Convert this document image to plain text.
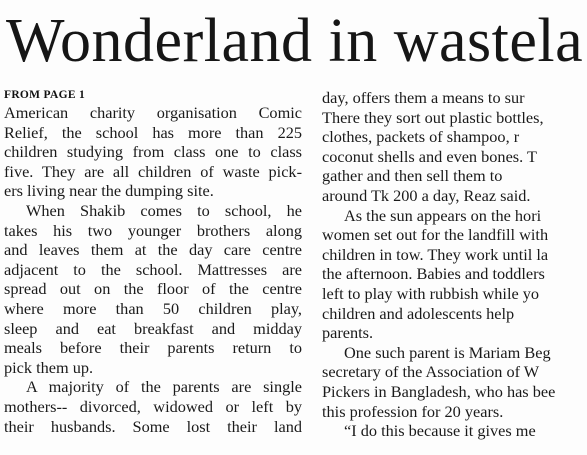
Wonderland in wastela
FROM PAGE 1
American charity organisation Comic
Relief, the school has more than 225
children studying from class one to class
five. They are all children of waste pick-
ers living near the dumping site.
When Shakib comes to school, he
takes his two younger brothers along
and leaves them at the day care centre
adjacent to the school. Mattresses are
spread out on the floor of the centre
where more than 50 children play,
sleep and eat breakfast and midday
meals before their parents return to
pick them up.
A majority of the parents are single
mothers-- divorced, widowed or left by
their husbands. Some lost their land
day, offers them a means to sur
There they sort out plastic bottles,
clothes, packets of shampoo, r
coconut shells and even bones. T
gather and then sell them to
around Tk 200 a day, Reaz said.
As the sun appears on the hori
women set out for the landfill with
children in tow. They work until la
the afternoon. Babies and toddlers
left to play with rubbish while yo
children and adolescents help
parents.
One such parent is Mariam Beg
secretary of the Association of W
Pickers in Bangladesh, who has bee
this profession for 20 years.
“I do this because it gives me
